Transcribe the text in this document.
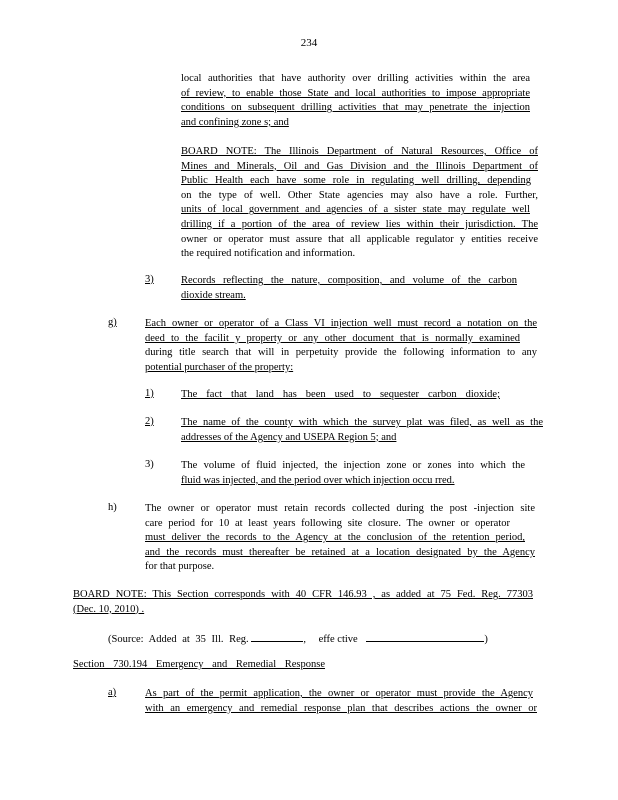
234
local authorities that have authority over drilling activities within the area
of review, to enable those State and local authorities to impose appropriate
conditions on subsequent drilling activities that may penetrate the injection
and confining zone s; and
BOARD NOTE: The Illinois Department of Natural Resources, Office of
Mines and Minerals, Oil and Gas Division and the Illinois Department of
Public Health each have some role in regulating well drilling, depending
on the type of well. Other State agencies may also have a role. Further,
units of local government and agencies of a sister state may regulate well
drilling if a portion of the area of review lies within their jurisdiction. The
owner or operator must assure that all applicable regulator y entities receive
the required notification and information.
3)	Records reflecting the nature, composition, and volume of the carbon
dioxide stream.
g)	Each owner or operator of a Class VI injection well must record a notation on the
deed to the facilit y property or any other document that is normally examined
during title search that will in perpetuity provide the following information to any
potential purchaser of the property:
1)	The fact that land has been used to sequester carbon dioxide;
2)	The name of the county with which the survey plat was filed, as well as the
addresses of the Agency and USEPA Region 5; and
3)	The volume of fluid injected, the injection zone or zones into which the
fluid was injected, and the period over which injection occu rred.
h)	The owner or operator must retain records collected during the post -injection site
care period for 10 at least years following site closure. The owner or operator
must deliver the records to the Agency at the conclusion of the retention period,
and the records must thereafter be retained at a location designated by the Agency
for that purpose.
BOARD NOTE: This Section corresponds with 40 CFR 146.93 , as added at 75 Fed. Reg. 77303
(Dec. 10, 2010) .
(Source: Added at 35 Ill. Reg.	, effe ctive	)
Section 730.194 Emergency and Remedial Response
a)	As part of the permit application, the owner or operator must provide the Agency
with an emergency and remedial response plan that describes actions the owner or
